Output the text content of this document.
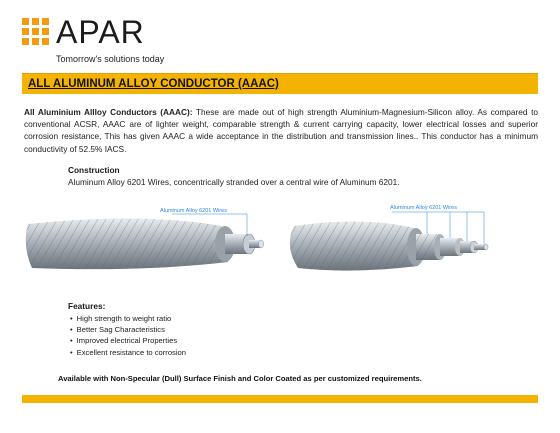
APAR
Tomorrow's solutions today
ALL ALUMINUM ALLOY CONDUCTOR (AAAC)
All Aluminium Allloy Conductors (AAAC): These are made out of high strength Aluminium-Magnesium-Silicon alloy. As compared to conventional ACSR, AAAC are of lighter weight, comparable strength & current carrying capacity, lower electrical losses and superior corrosion resistance, This has given AAAC a wide acceptance in the distribution and transmission lines.. This conductor has a minimum conductivity of 52.5% IACS.
Construction
Aluminum Alloy 6201 Wires, concentrically stranded over a central wire of Aluminum 6201.
Aluminum Alloy 6201 Wires	Aluminum Alloy 6201 Wires
Features:
• High strength to weight ratio
• Better Sag Characteristics
• Improved electrical Properties
• Excellent resistance to corrosion
Available with Non-Specular (Dull) Surface Finish and Color Coated as per customized requirements.
